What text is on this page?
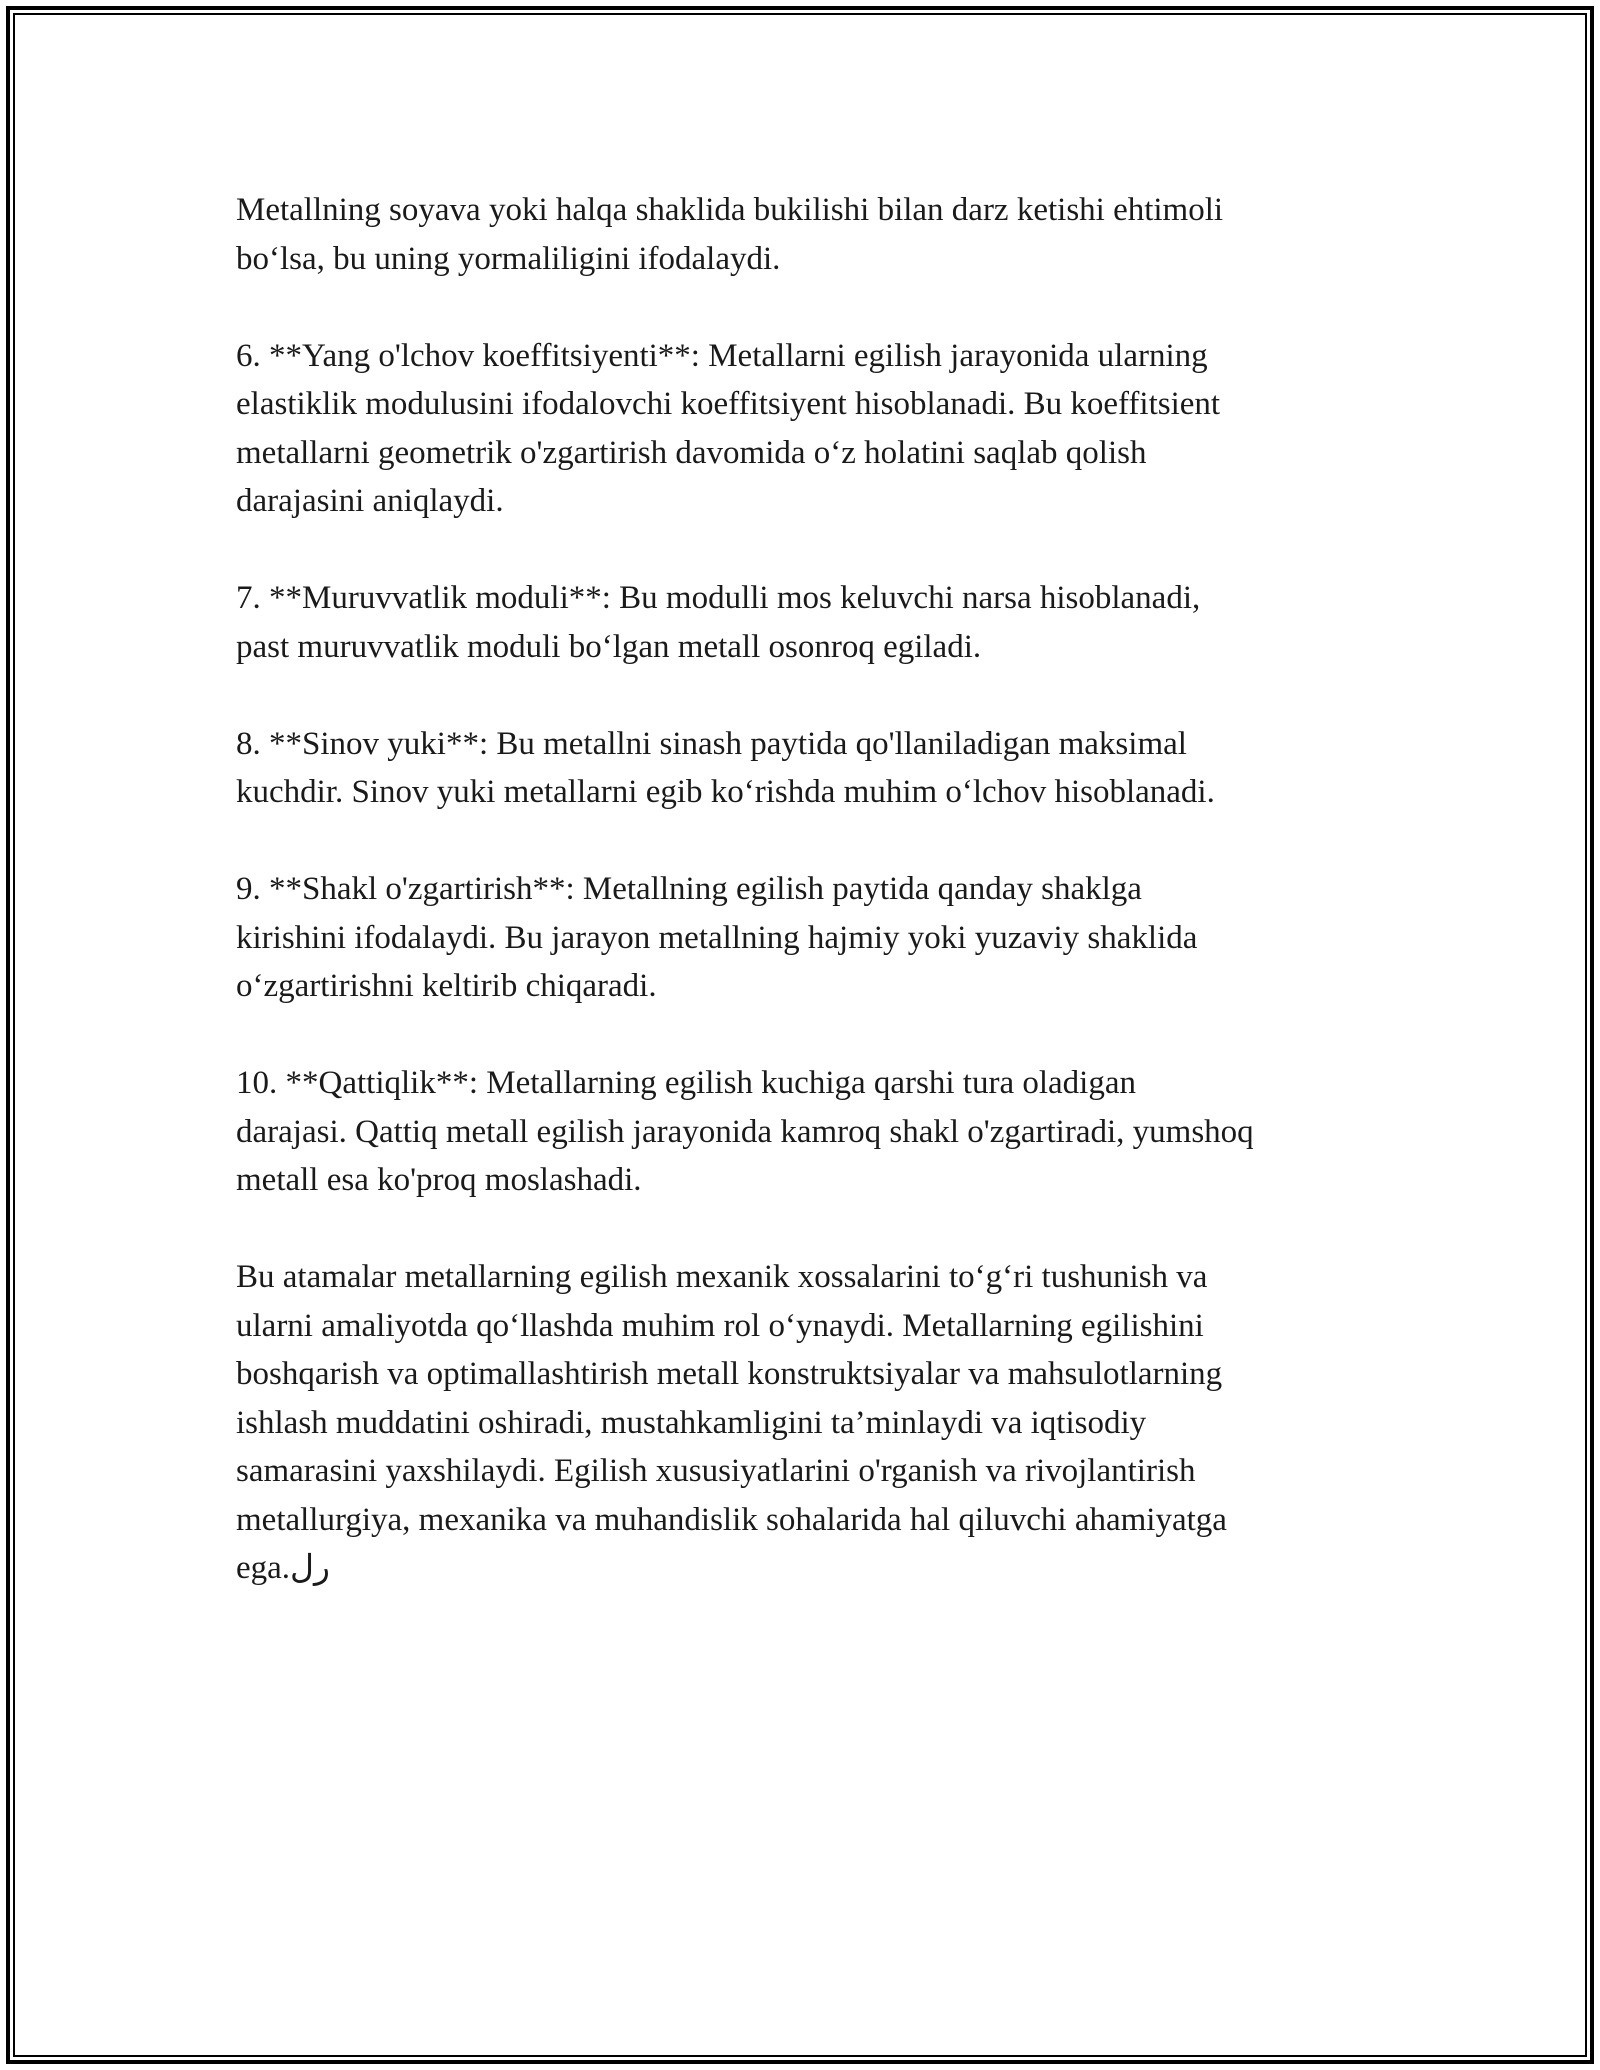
Metallning soyava yoki halqa shaklida bukilishi bilan darz ketishi ehtimoli
bo‘lsa, bu uning yormaliligini ifodalaydi.

6. **Yang o'lchov koeffitsiyenti**: Metallarni egilish jarayonida ularning
elastiklik modulusini ifodalovchi koeffitsiyent hisoblanadi. Bu koeffitsient
metallarni geometrik o'zgartirish davomida o‘z holatini saqlab qolish
darajasini aniqlaydi.

7. **Muruvvatlik moduli**: Bu modulli mos keluvchi narsa hisoblanadi,
past muruvvatlik moduli bo‘lgan metall osonroq egiladi.

8. **Sinov yuki**: Bu metallni sinash paytida qo'llaniladigan maksimal
kuchdir. Sinov yuki metallarni egib ko‘rishda muhim o‘lchov hisoblanadi.

9. **Shakl o'zgartirish**: Metallning egilish paytida qanday shaklga
kirishini ifodalaydi. Bu jarayon metallning hajmiy yoki yuzaviy shaklida
o‘zgartirishni keltirib chiqaradi.

10. **Qattiqlik**: Metallarning egilish kuchiga qarshi tura oladigan
darajasi. Qattiq metall egilish jarayonida kamroq shakl o'zgartiradi, yumshoq
metall esa ko'proq moslashadi.

Bu atamalar metallarning egilish mexanik xossalarini to‘g‘ri tushunish va
ularni amaliyotda qo‘llashda muhim rol o‘ynaydi. Metallarning egilishini
boshqarish va optimallashtirish metall konstruktsiyalar va mahsulotlarning
ishlash muddatini oshiradi, mustahkamligini ta’minlaydi va iqtisodiy
samarasini yaxshilaydi. Egilish xususiyatlarini o'rganish va rivojlantirish
metallurgiya, mexanika va muhandislik sohalarida hal qiluvchi ahamiyatga
ega.رل
